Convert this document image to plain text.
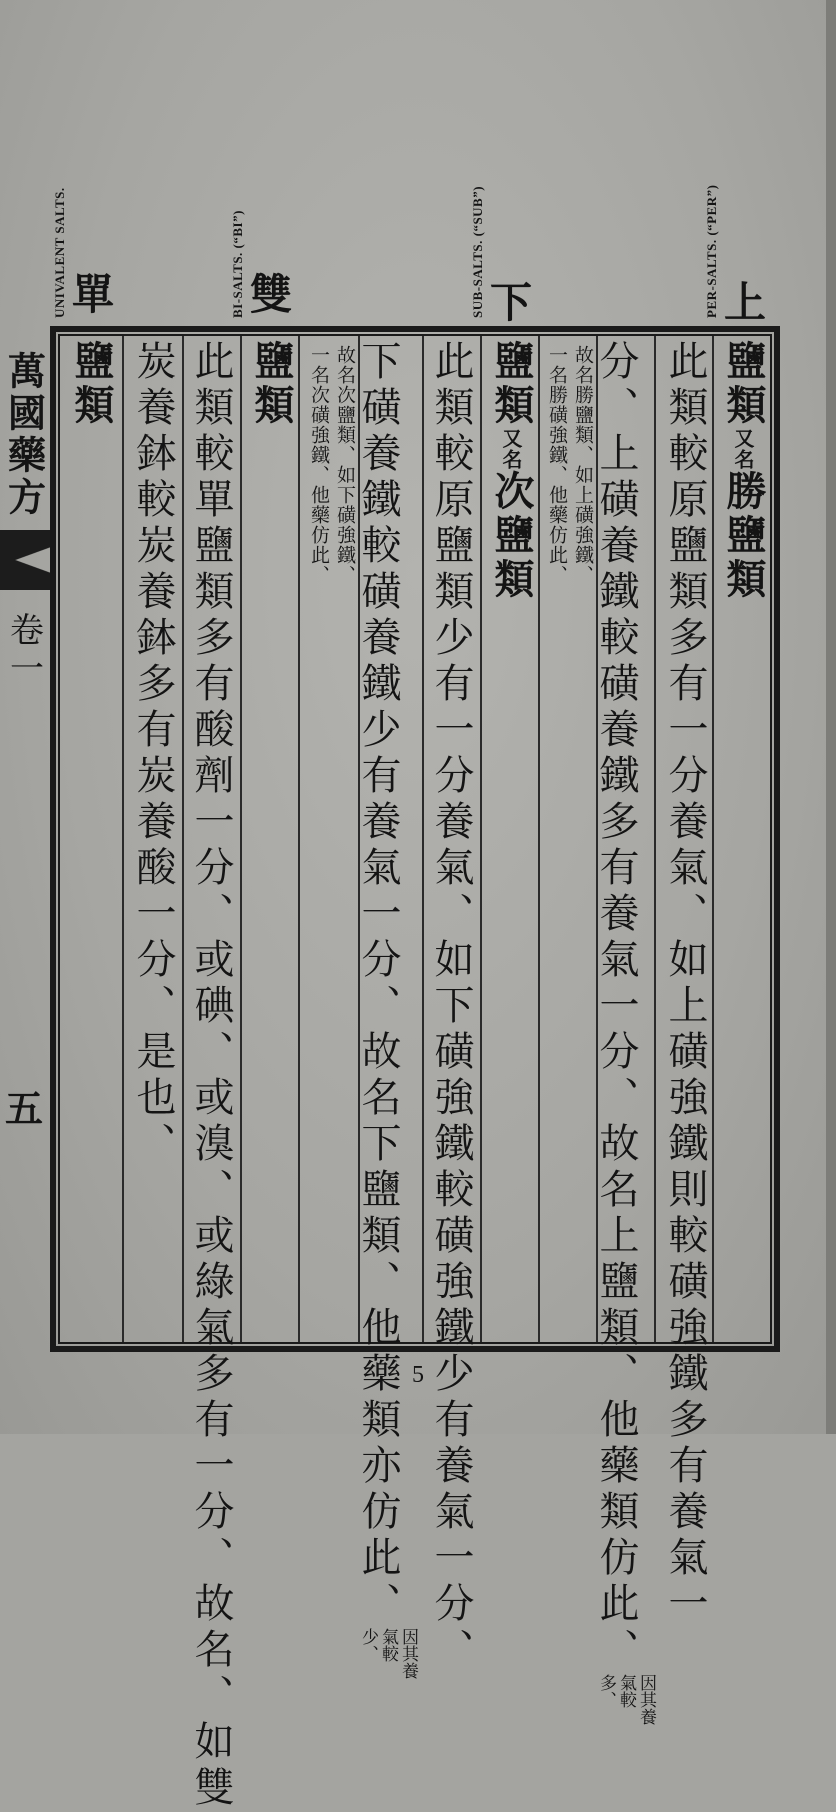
萬國藥方
卷一
五
PER-SALTS. (“PER”) 上
SUB-SALTS. (“SUB”) 下
BI-SALTS. (“BI”) 雙
UNIVALENT SALTS. 單
鹽類又名勝鹽類
此類較原鹽類多有一分養氣、如上磺強鐵則較磺強鐵多有養氣一
分、上磺養鐵較磺養鐵多有養氣一分、故名上鹽類、他藥類仿此、因其養氣較多、
故名勝鹽類、如上磺強鐵、
一名勝磺強鐵、他藥仿此、
鹽類又名次鹽類
此類較原鹽類少有一分養氣、如下磺強鐵較磺強鐵少有養氣一分、
下磺養鐵較磺養鐵少有養氣一分、故名下鹽類、他藥類亦仿此、因其養氣較少、
故名次鹽類、如下磺強鐵、
一名次磺強鐵、他藥仿此、
鹽類
此類較單鹽類多有酸劑一分、或碘、或溴、或綠氣多有一分、故名、如雙
炭養鉢較炭養鉢多有炭養酸一分、是也、
鹽類
5
